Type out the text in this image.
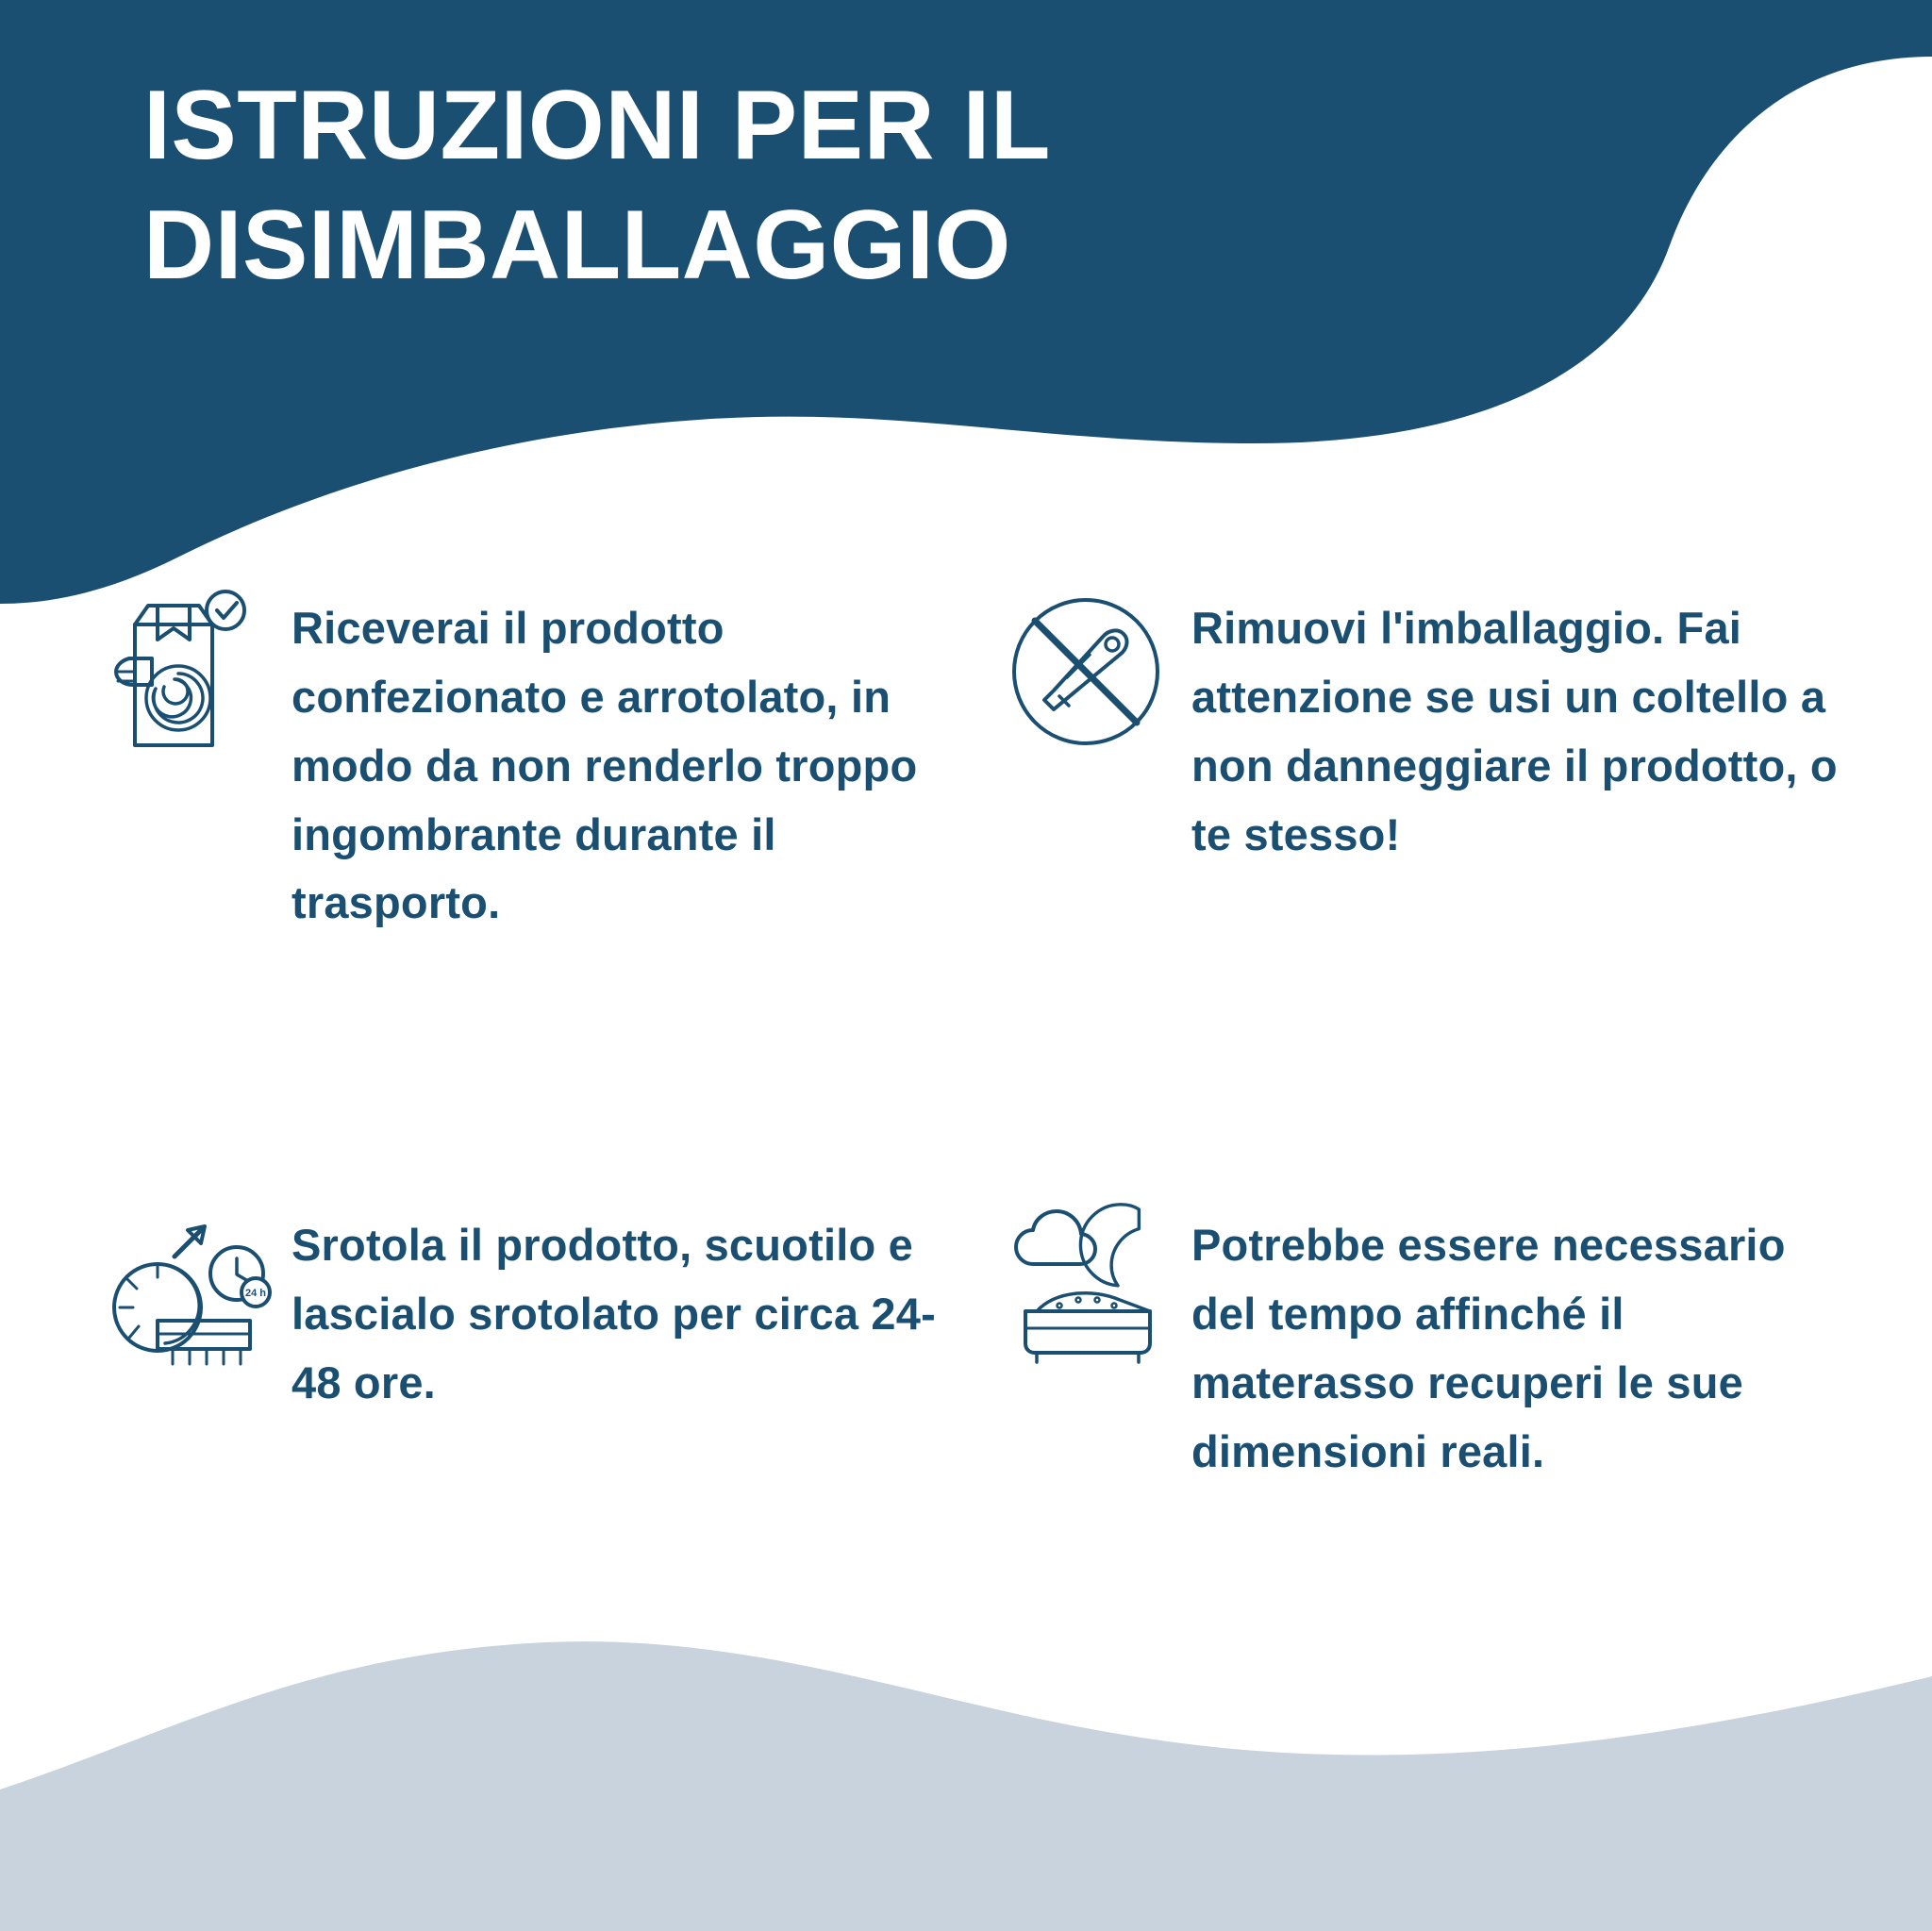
ISTRUZIONI PER IL DISIMBALLAGGIO
Riceverai il prodotto confezionato e arrotolato, in modo da non renderlo troppo ingombrante durante il trasporto.
Rimuovi l'imballaggio. Fai attenzione se usi un coltello a non danneggiare il prodotto, o te stesso!
24 h
Srotola il prodotto, scuotilo e lascialo srotolato per circa 24-48 ore.
Potrebbe essere necessario del tempo affinché il materasso recuperi le sue dimensioni reali.
